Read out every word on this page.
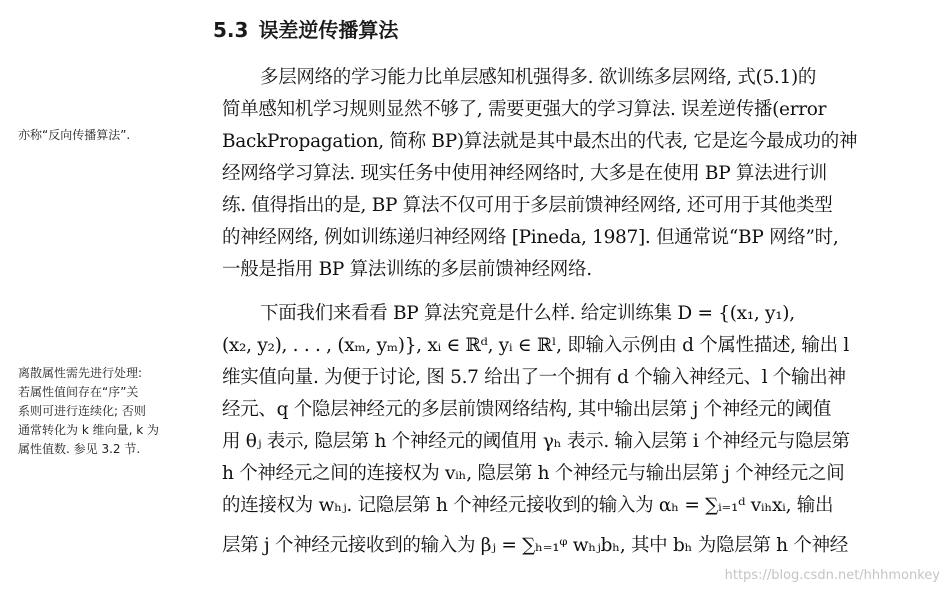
5.3 误差逆传播算法
亦称“反向传播算法”.
离散属性需先进行处理:
若属性值间存在“序”关
系则可进行连续化; 否则
通常转化为 k 维向量, k 为
属性值数. 参见 3.2 节.
多层网络的学习能力比单层感知机强得多. 欲训练多层网络, 式(5.1)的
简单感知机学习规则显然不够了, 需要更强大的学习算法. 误差逆传播(error
BackPropagation, 简称 BP)算法就是其中最杰出的代表, 它是迄今最成功的神
经网络学习算法. 现实任务中使用神经网络时, 大多是在使用 BP 算法进行训
练. 值得指出的是, BP 算法不仅可用于多层前馈神经网络, 还可用于其他类型
的神经网络, 例如训练递归神经网络 [Pineda, 1987]. 但通常说“BP 网络”时,
一般是指用 BP 算法训练的多层前馈神经网络.
下面我们来看看 BP 算法究竟是什么样. 给定训练集 D = {(x₁, y₁),
(x₂, y₂), . . . , (xₘ, yₘ)}, xᵢ ∈ ℝᵈ, yᵢ ∈ ℝˡ, 即输入示例由 d 个属性描述, 输出 l
维实值向量. 为便于讨论, 图 5.7 给出了一个拥有 d 个输入神经元、l 个输出神
经元、q 个隐层神经元的多层前馈网络结构, 其中输出层第 j 个神经元的阈值
用 θⱼ 表示, 隐层第 h 个神经元的阈值用 γₕ 表示. 输入层第 i 个神经元与隐层第
h 个神经元之间的连接权为 vᵢₕ, 隐层第 h 个神经元与输出层第 j 个神经元之间
的连接权为 wₕⱼ. 记隐层第 h 个神经元接收到的输入为 αₕ = ∑ᵢ₌₁ᵈ vᵢₕxᵢ, 输出
层第 j 个神经元接收到的输入为 βⱼ = ∑ₕ₌₁ᵠ wₕⱼbₕ, 其中 bₕ 为隐层第 h 个神经
https://blog.csdn.net/hhhmonkey
